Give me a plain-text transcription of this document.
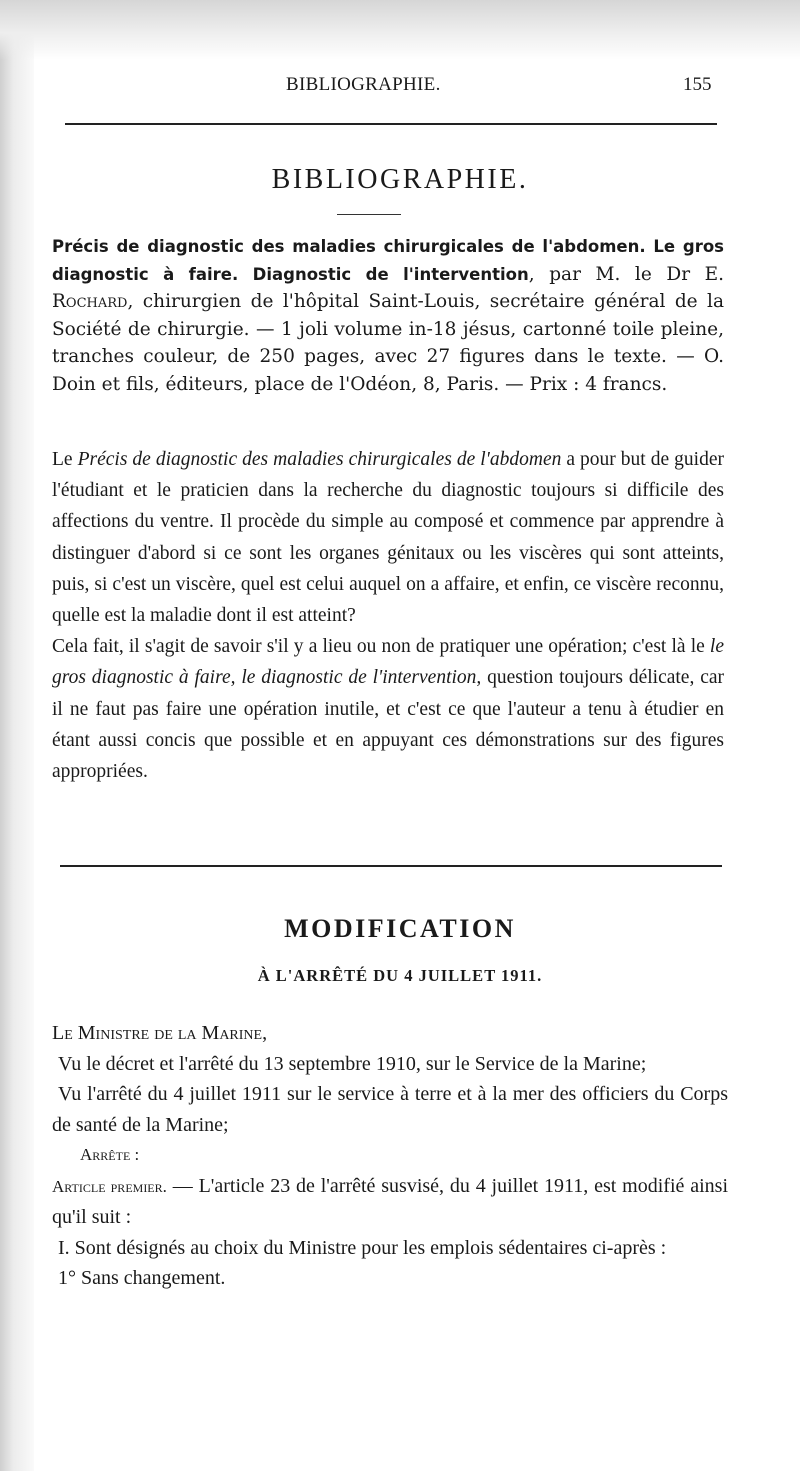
BIBLIOGRAPHIE.	155
BIBLIOGRAPHIE.

Précis de diagnostic des maladies chirurgicales de l'abdomen. Le gros diagnostic à faire. Diagnostic de l'intervention, par M. le Dr E. Rochard, chirurgien de l'hôpital Saint-Louis, secrétaire général de la Société de chirurgie. — 1 joli volume in-18 jésus, cartonné toile pleine, tranches couleur, de 250 pages, avec 27 figures dans le texte. — O. Doin et fils, éditeurs, place de l'Odéon, 8, Paris. — Prix : 4 francs.

Le Précis de diagnostic des maladies chirurgicales de l'abdomen a pour but de guider l'étudiant et le praticien dans la recherche du diagnostic toujours si difficile des affections du ventre. Il procède du simple au composé et commence par apprendre à distinguer d'abord si ce sont les organes génitaux ou les viscères qui sont atteints, puis, si c'est un viscère, quel est celui auquel on a affaire, et enfin, ce viscère reconnu, quelle est la maladie dont il est atteint?

Cela fait, il s'agit de savoir s'il y a lieu ou non de pratiquer une opération; c'est là le le gros diagnostic à faire, le diagnostic de l'intervention, question toujours délicate, car il ne faut pas faire une opération inutile, et c'est ce que l'auteur a tenu à étudier en étant aussi concis que possible et en appuyant ces démonstrations sur des figures appropriées.

MODIFICATION
À L'ARRÊTÉ DU 4 JUILLET 1911.

Le Ministre de la Marine,

Vu le décret et l'arrêté du 13 septembre 1910, sur le Service de la Marine;

Vu l'arrêté du 4 juillet 1911 sur le service à terre et à la mer des officiers du Corps de santé de la Marine;

Arrête :

Article premier. — L'article 23 de l'arrêté susvisé, du 4 juillet 1911, est modifié ainsi qu'il suit :

I. Sont désignés au choix du Ministre pour les emplois sédentaires ci-après :

1° Sans changement.
